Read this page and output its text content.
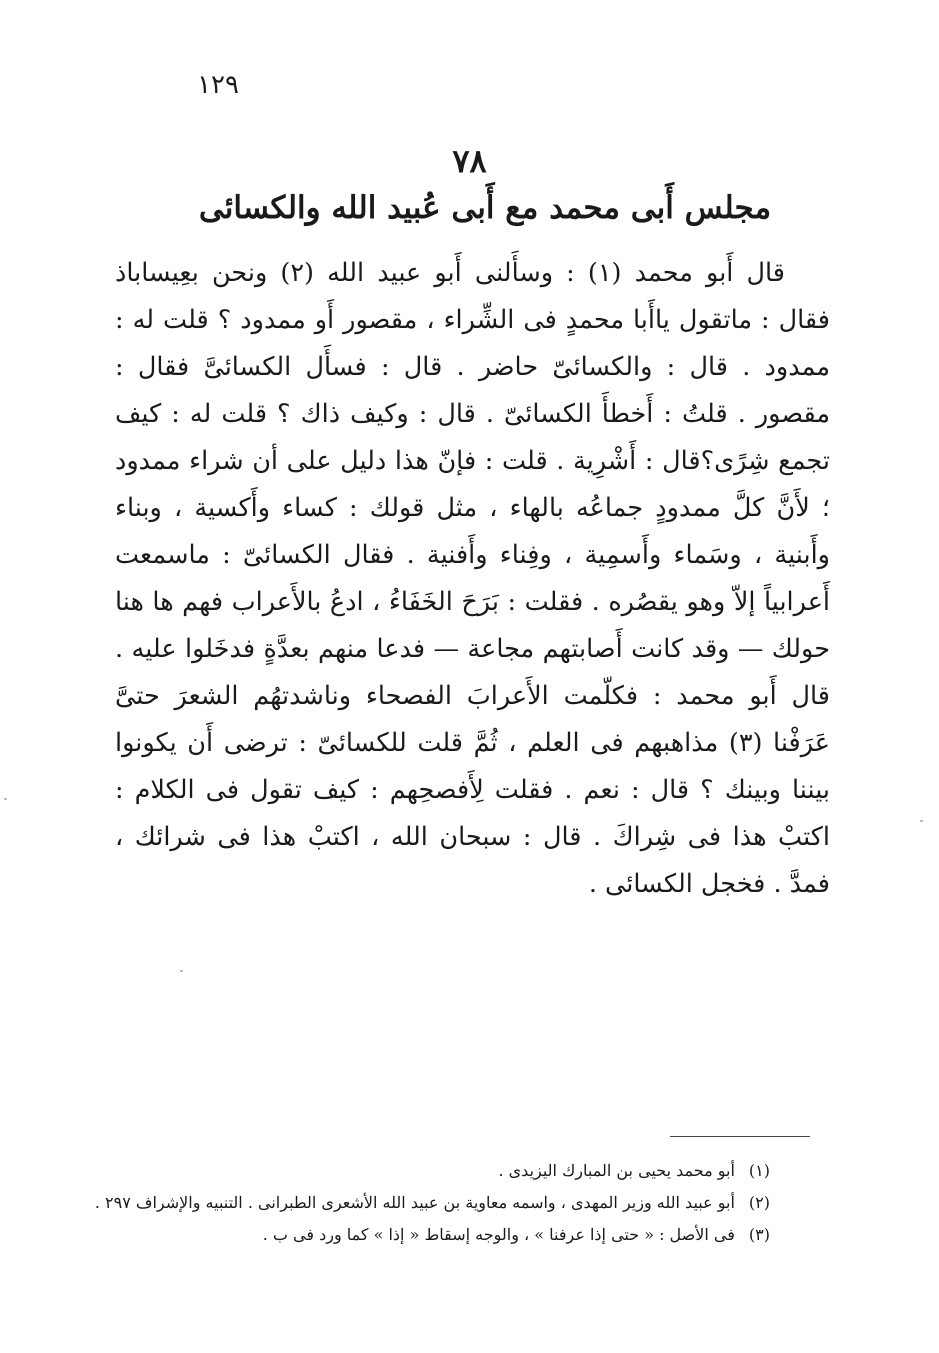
١٢٩
٧٨
مجلس أَبى محمد مع أَبى عُبيد الله والكسائى

قال أَبو محمد (١) : وسأَلنى أَبو عبيد الله (٢) ونحن بعِيساباذ فقال : ماتقول ياأَبا محمدٍ فى الشِّراء ، مقصور أَو ممدود ؟ قلت له : ممدود . قال : والكسائىّ حاضر . قال : فسأَل الكسائىَّ فقال : مقصور . قلتُ : أَخطأَ الكسائىّ . قال : وكيف ذاك ؟ قلت له : كيف تجمع شِرًى؟قال : أَشْرِية . قلت : فإنّ هذا دليل على أن شراء ممدود ؛ لأَنَّ كلَّ ممدودٍ جماعُه بالهاء ، مثل قولك : كساء وأَكسية ، وبناء وأَبنية ، وسَماء وأَسمِية ، وفِناء وأَفنية . فقال الكسائىّ : ماسمعت أَعرابياً إلاّ وهو يقصُره . فقلت : بَرَحَ الخَفَاءُ ، ادعُ بالأَعراب فهم ها هنا حولك — وقد كانت أَصابتهم مجاعة — فدعا منهم بعدَّةٍ فدخَلوا عليه . قال أَبو محمد : فكلّمت الأَعرابَ الفصحاء وناشدتهُم الشعرَ حتىَّ عَرَفْنا (٣) مذاهبهم فى العلم ، ثُمَّ قلت للكسائىّ : ترضى أَن يكونوا بيننا وبينك ؟ قال : نعم . فقلت لِأَفصحِهم : كيف تقول فى الكلام : اكتبْ هذا فى شِراكَ . قال : سبحان الله ، اكتبْ هذا فى شرائك ، فمدَّ . فخجل الكسائى .

(١) أبو محمد يحيى بن المبارك اليزيدى .
(٢) أبو عبيد الله وزير المهدى ، واسمه معاوية بن عبيد الله الأشعرى الطبرانى . التنبيه والإشراف ٢٩٧ .
(٣) فى الأصل : « حتى إذا عرفنا » ، والوجه إسقاط « إذا » كما ورد فى ب .
